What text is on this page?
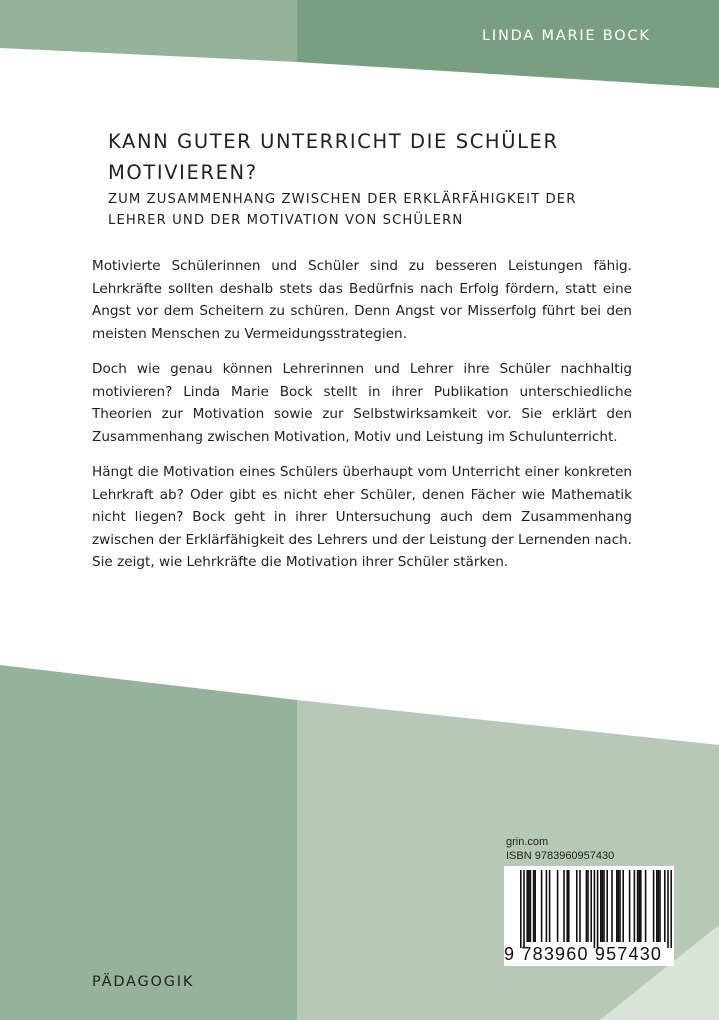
LINDA MARIE BOCK
KANN GUTER UNTERRICHT DIE SCHÜLER MOTIVIEREN?
ZUM ZUSAMMENHANG ZWISCHEN DER ERKLÄRFÄHIGKEIT DER LEHRER UND DER MOTIVATION VON SCHÜLERN

Motivierte Schülerinnen und Schüler sind zu besseren Leistungen fähig. Lehrkräfte sollten deshalb stets das Bedürfnis nach Erfolg fördern, statt eine Angst vor dem Scheitern zu schüren. Denn Angst vor Misserfolg führt bei den meisten Menschen zu Vermeidungsstrategien.

Doch wie genau können Lehrerinnen und Lehrer ihre Schüler nachhaltig motivieren? Linda Marie Bock stellt in ihrer Publikation unterschiedliche Theorien zur Motivation sowie zur Selbstwirksamkeit vor. Sie erklärt den Zusammenhang zwischen Motivation, Motiv und Leistung im Schulunterricht.

Hängt die Motivation eines Schülers überhaupt vom Unterricht einer konkreten Lehrkraft ab? Oder gibt es nicht eher Schüler, denen Fächer wie Mathematik nicht liegen? Bock geht in ihrer Untersuchung auch dem Zusammenhang zwischen der Erklärfähigkeit des Lehrers und der Leistung der Lernenden nach. Sie zeigt, wie Lehrkräfte die Motivation ihrer Schüler stärken.

grin.com
ISBN 9783960957430
9 783960 957430
PÄDAGOGIK
